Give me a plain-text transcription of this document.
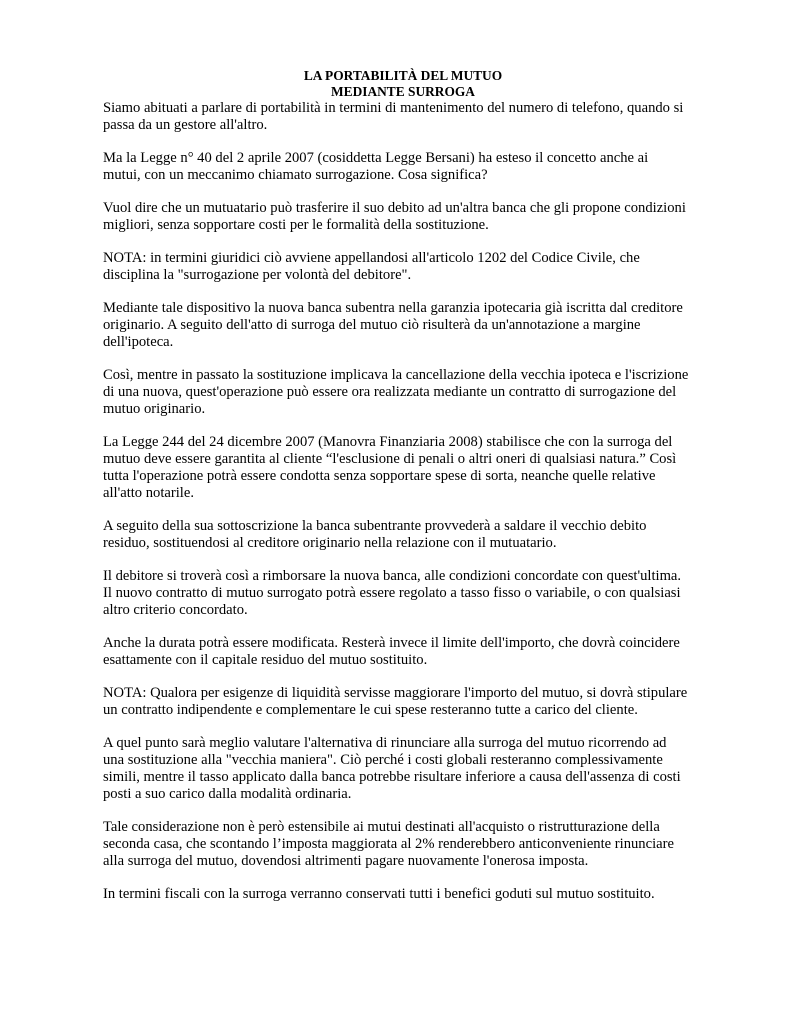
LA PORTABILITÀ DEL MUTUO
MEDIANTE SURROGA
Siamo abituati a parlare di portabilità in termini di mantenimento del numero di telefono, quando si
passa da un gestore all'altro.
Ma la Legge n° 40 del 2 aprile 2007 (cosiddetta Legge Bersani) ha esteso il concetto anche ai
mutui, con un meccanimo chiamato surrogazione. Cosa significa?
Vuol dire che un mutuatario può trasferire il suo debito ad un'altra banca che gli propone condizioni
migliori, senza sopportare costi per le formalità della sostituzione.
NOTA: in termini giuridici ciò avviene appellandosi all'articolo 1202 del Codice Civile, che
disciplina la "surrogazione per volontà del debitore".
Mediante tale dispositivo la nuova banca subentra nella garanzia ipotecaria già iscritta dal creditore
originario. A seguito dell'atto di surroga del mutuo ciò risulterà da un'annotazione a margine
dell'ipoteca.
Così, mentre in passato la sostituzione implicava la cancellazione della vecchia ipoteca e l'iscrizione
di una nuova, quest'operazione può essere ora realizzata mediante un contratto di surrogazione del
mutuo originario.
La Legge 244 del 24 dicembre 2007 (Manovra Finanziaria 2008) stabilisce che con la surroga del
mutuo deve essere garantita al cliente “l'esclusione di penali o altri oneri di qualsiasi natura.” Così
tutta l'operazione potrà essere condotta senza sopportare spese di sorta, neanche quelle relative
all'atto notarile.
A seguito della sua sottoscrizione la banca subentrante provvederà a saldare il vecchio debito
residuo, sostituendosi al creditore originario nella relazione con il mutuatario.
Il debitore si troverà così a rimborsare la nuova banca, alle condizioni concordate con quest'ultima.
Il nuovo contratto di mutuo surrogato potrà essere regolato a tasso fisso o variabile, o con qualsiasi
altro criterio concordato.
Anche la durata potrà essere modificata. Resterà invece il limite dell'importo, che dovrà coincidere
esattamente con il capitale residuo del mutuo sostituito.
NOTA: Qualora per esigenze di liquidità servisse maggiorare l'importo del mutuo, si dovrà stipulare
un contratto indipendente e complementare le cui spese resteranno tutte a carico del cliente.
A quel punto sarà meglio valutare l'alternativa di rinunciare alla surroga del mutuo ricorrendo ad
una sostituzione alla "vecchia maniera". Ciò perché i costi globali resteranno complessivamente
simili, mentre il tasso applicato dalla banca potrebbe risultare inferiore a causa dell'assenza di costi
posti a suo carico dalla modalità ordinaria.
Tale considerazione non è però estensibile ai mutui destinati all'acquisto o ristrutturazione della
seconda casa, che scontando l’imposta maggiorata al 2% renderebbero anticonveniente rinunciare
alla surroga del mutuo, dovendosi altrimenti pagare nuovamente l'onerosa imposta.
In termini fiscali con la surroga verranno conservati tutti i benefici goduti sul mutuo sostituito.
